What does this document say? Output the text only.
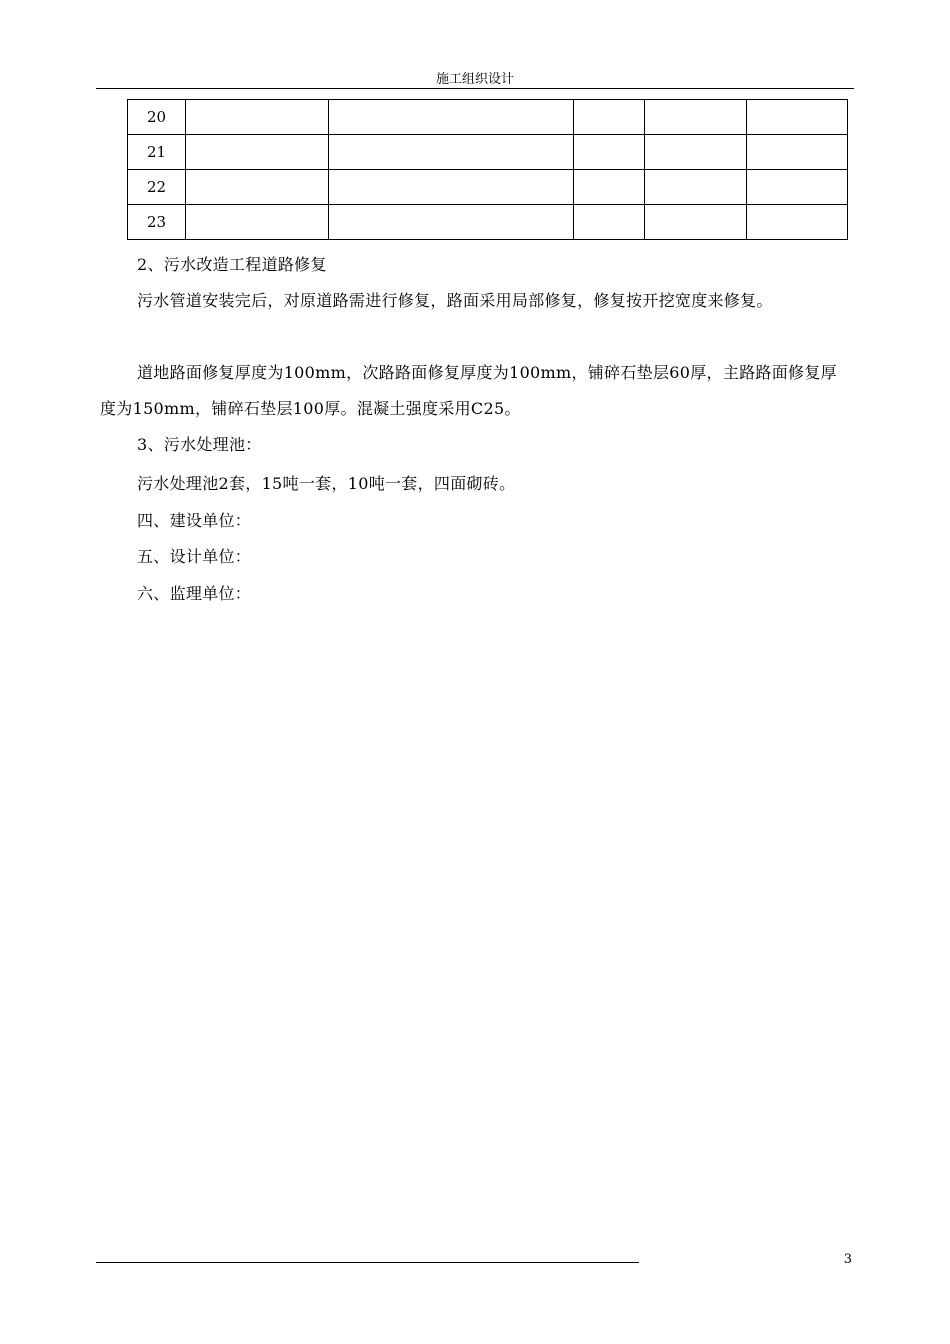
施工组织设计
20					
21					
22					
23					
2、污水改造工程道路修复
污水管道安装完后，对原道路需进行修复，路面采用局部修复，修复按开挖宽度来修复。
道地路面修复厚度为100mm，次路路面修复厚度为100mm，铺碎石垫层60厚，主路路面修复厚度为150mm，铺碎石垫层100厚。混凝土强度采用C25。
3、污水处理池：
污水处理池2套，15吨一套，10吨一套，四面砌砖。
四、建设单位：
五、设计单位：
六、监理单位：
3
